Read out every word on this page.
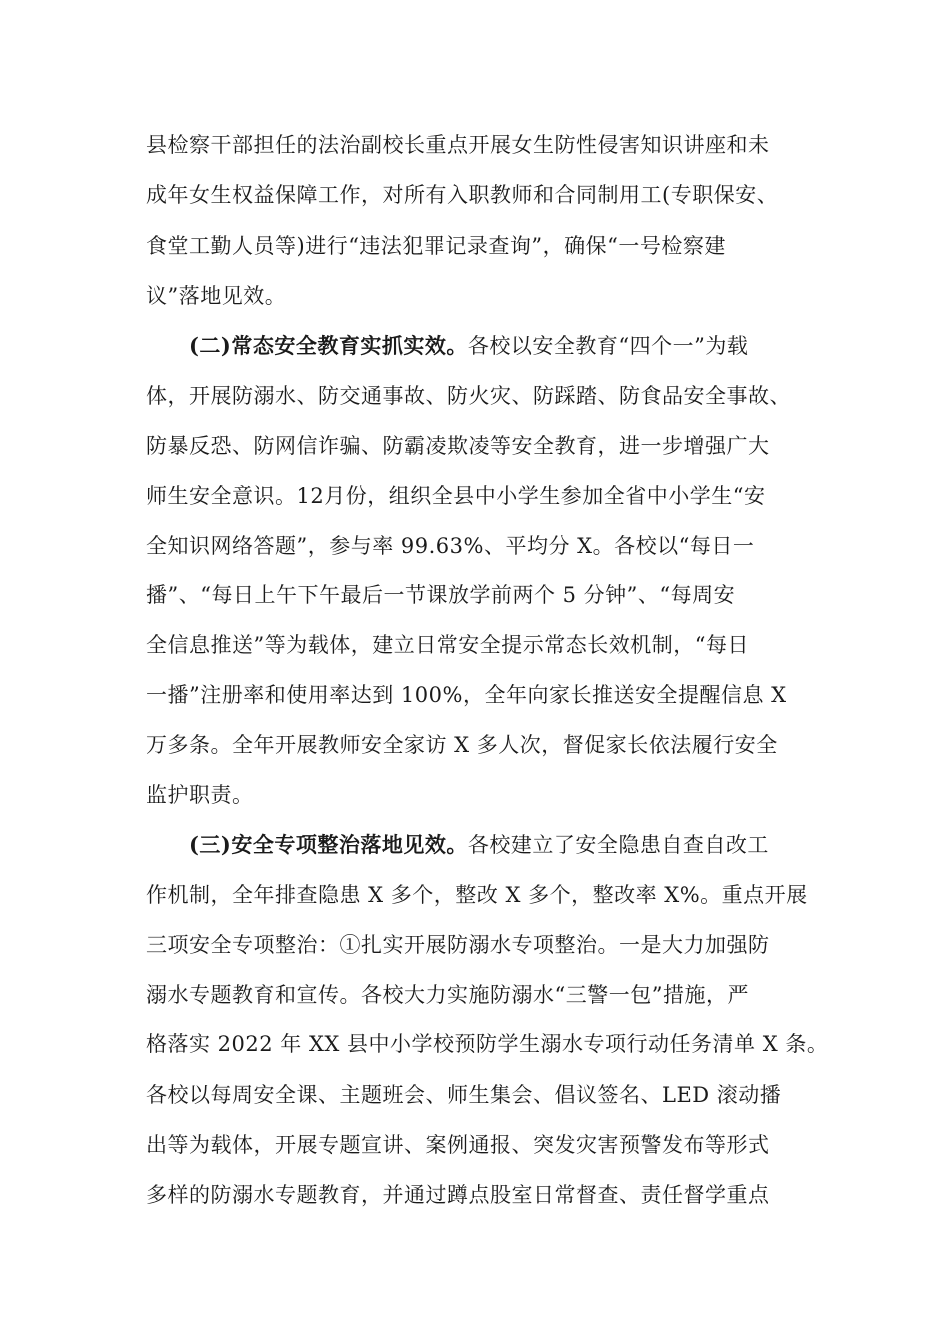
县检察干部担任的法治副校长重点开展女生防性侵害知识讲座和未
成年女生权益保障工作，对所有入职教师和合同制用工(专职保安、
食堂工勤人员等)进行“违法犯罪记录查询”，确保“一号检察建
议”落地见效。
(二)常态安全教育实抓实效。各校以安全教育“四个一”为载
体，开展防溺水、防交通事故、防火灾、防踩踏、防食品安全事故、
防暴反恐、防网信诈骗、防霸凌欺凌等安全教育，进一步增强广大
师生安全意识。12月份，组织全县中小学生参加全省中小学生“安
全知识网络答题”，参与率 99.63%、平均分 X。各校以“每日一
播”、“每日上午下午最后一节课放学前两个 5 分钟”、“每周安
全信息推送”等为载体，建立日常安全提示常态长效机制，“每日
一播”注册率和使用率达到 100%，全年向家长推送安全提醒信息 X
万多条。全年开展教师安全家访 X 多人次，督促家长依法履行安全
监护职责。
(三)安全专项整治落地见效。各校建立了安全隐患自查自改工
作机制，全年排查隐患 X 多个，整改 X 多个，整改率 X%。重点开展
三项安全专项整治：①扎实开展防溺水专项整治。一是大力加强防
溺水专题教育和宣传。各校大力实施防溺水“三警一包”措施，严
格落实 2022 年 XX 县中小学校预防学生溺水专项行动任务清单 X 条。
各校以每周安全课、主题班会、师生集会、倡议签名、LED 滚动播
出等为载体，开展专题宣讲、案例通报、突发灾害预警发布等形式
多样的防溺水专题教育，并通过蹲点股室日常督查、责任督学重点
